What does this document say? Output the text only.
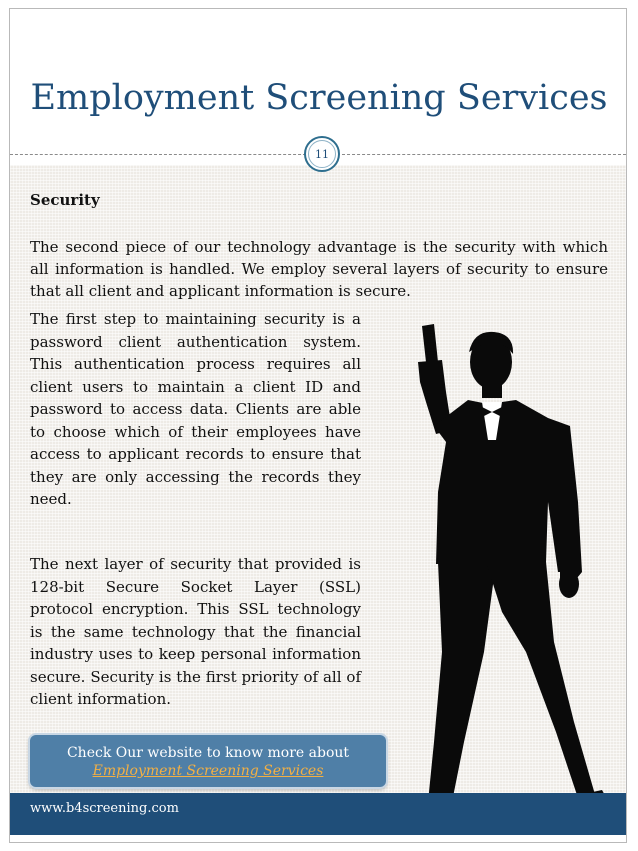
Employment Screening Services
11
Security

The second piece of our technology advantage is the security with which all information is handled. We employ several layers of security to ensure that all client and applicant information is secure.

The first step to maintaining security is a password client authentication system. This authentication process requires all client users to maintain a client ID and password to access data. Clients are able to choose which of their employees have access to applicant records to ensure that they are only accessing the records they need.

The next layer of security that provided is 128-bit Secure Socket Layer (SSL) protocol encryption. This SSL technology is the same technology that the financial industry uses to keep personal information secure. Security is the first priority of all of client information.

Check Our website to know more about
Employment Screening Services
www.b4screening.com
